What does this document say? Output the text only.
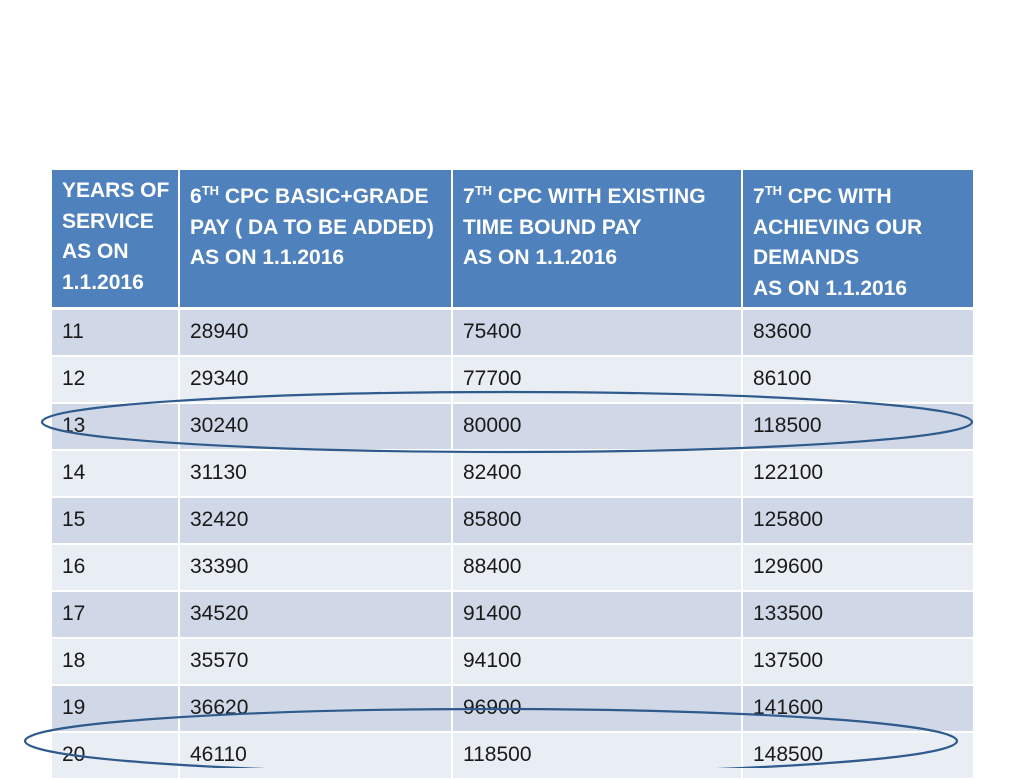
YEARS OF
SERVICE
AS ON
1.1.2016	6TH CPC BASIC+GRADE
PAY ( DA TO BE ADDED)
AS ON 1.1.2016	7TH CPC WITH EXISTING
TIME BOUND PAY
AS ON 1.1.2016	7TH CPC WITH
ACHIEVING OUR
DEMANDS
AS ON 1.1.2016

11	28940	75400	83600
12	29340	77700	86100
13	30240	80000	118500
14	31130	82400	122100
15	32420	85800	125800
16	33390	88400	129600
17	34520	91400	133500
18	35570	94100	137500
19	36620	96900	141600
20	46110	118500	148500
